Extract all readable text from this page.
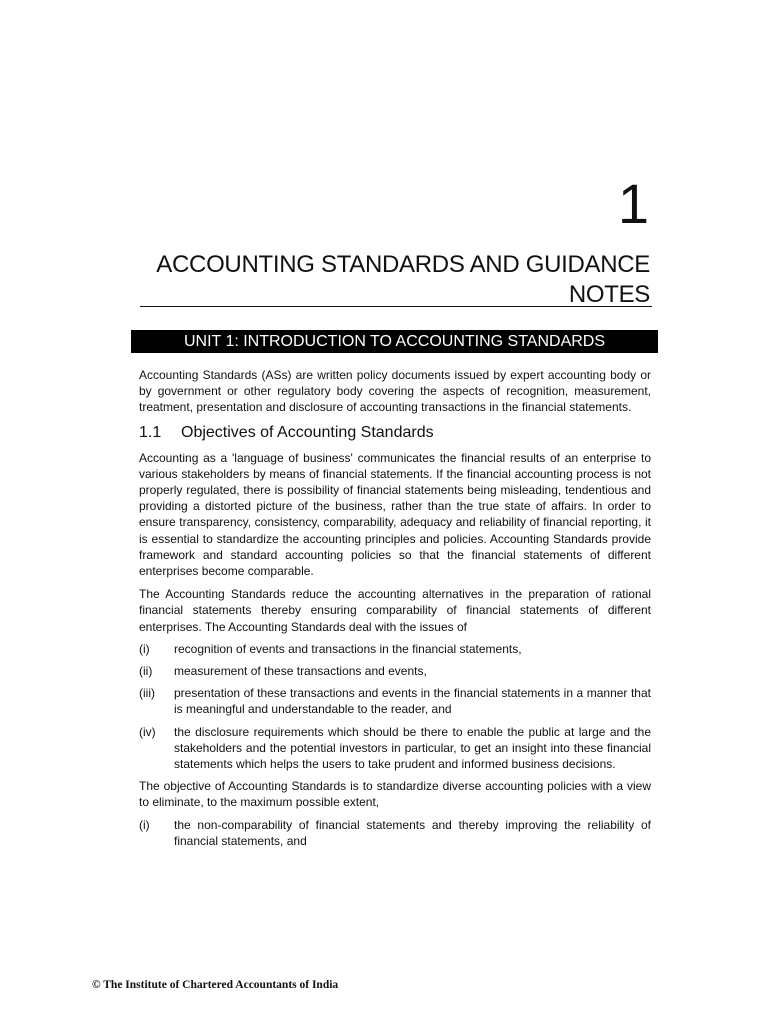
1
ACCOUNTING STANDARDS AND GUIDANCE NOTES
UNIT 1: INTRODUCTION TO ACCOUNTING STANDARDS

Accounting Standards (ASs) are written policy documents issued by expert accounting body or by government or other regulatory body covering the aspects of recognition, measurement, treatment, presentation and disclosure of accounting transactions in the financial statements.

1.1 Objectives of Accounting Standards

Accounting as a 'language of business' communicates the financial results of an enterprise to various stakeholders by means of financial statements. If the financial accounting process is not properly regulated, there is possibility of financial statements being misleading, tendentious and providing a distorted picture of the business, rather than the true state of affairs. In order to ensure transparency, consistency, comparability, adequacy and reliability of financial reporting, it is essential to standardize the accounting principles and policies. Accounting Standards provide framework and standard accounting policies so that the financial statements of different enterprises become comparable.

The Accounting Standards reduce the accounting alternatives in the preparation of rational financial statements thereby ensuring comparability of financial statements of different enterprises. The Accounting Standards deal with the issues of

(i)	recognition of events and transactions in the financial statements,
(ii)	measurement of these transactions and events,
(iii)	presentation of these transactions and events in the financial statements in a manner that is meaningful and understandable to the reader, and
(iv)	the disclosure requirements which should be there to enable the public at large and the stakeholders and the potential investors in particular, to get an insight into these financial statements which helps the users to take prudent and informed business decisions.

The objective of Accounting Standards is to standardize diverse accounting policies with a view to eliminate, to the maximum possible extent,

(i)	the non-comparability of financial statements and thereby improving the reliability of financial statements, and
© The Institute of Chartered Accountants of India
